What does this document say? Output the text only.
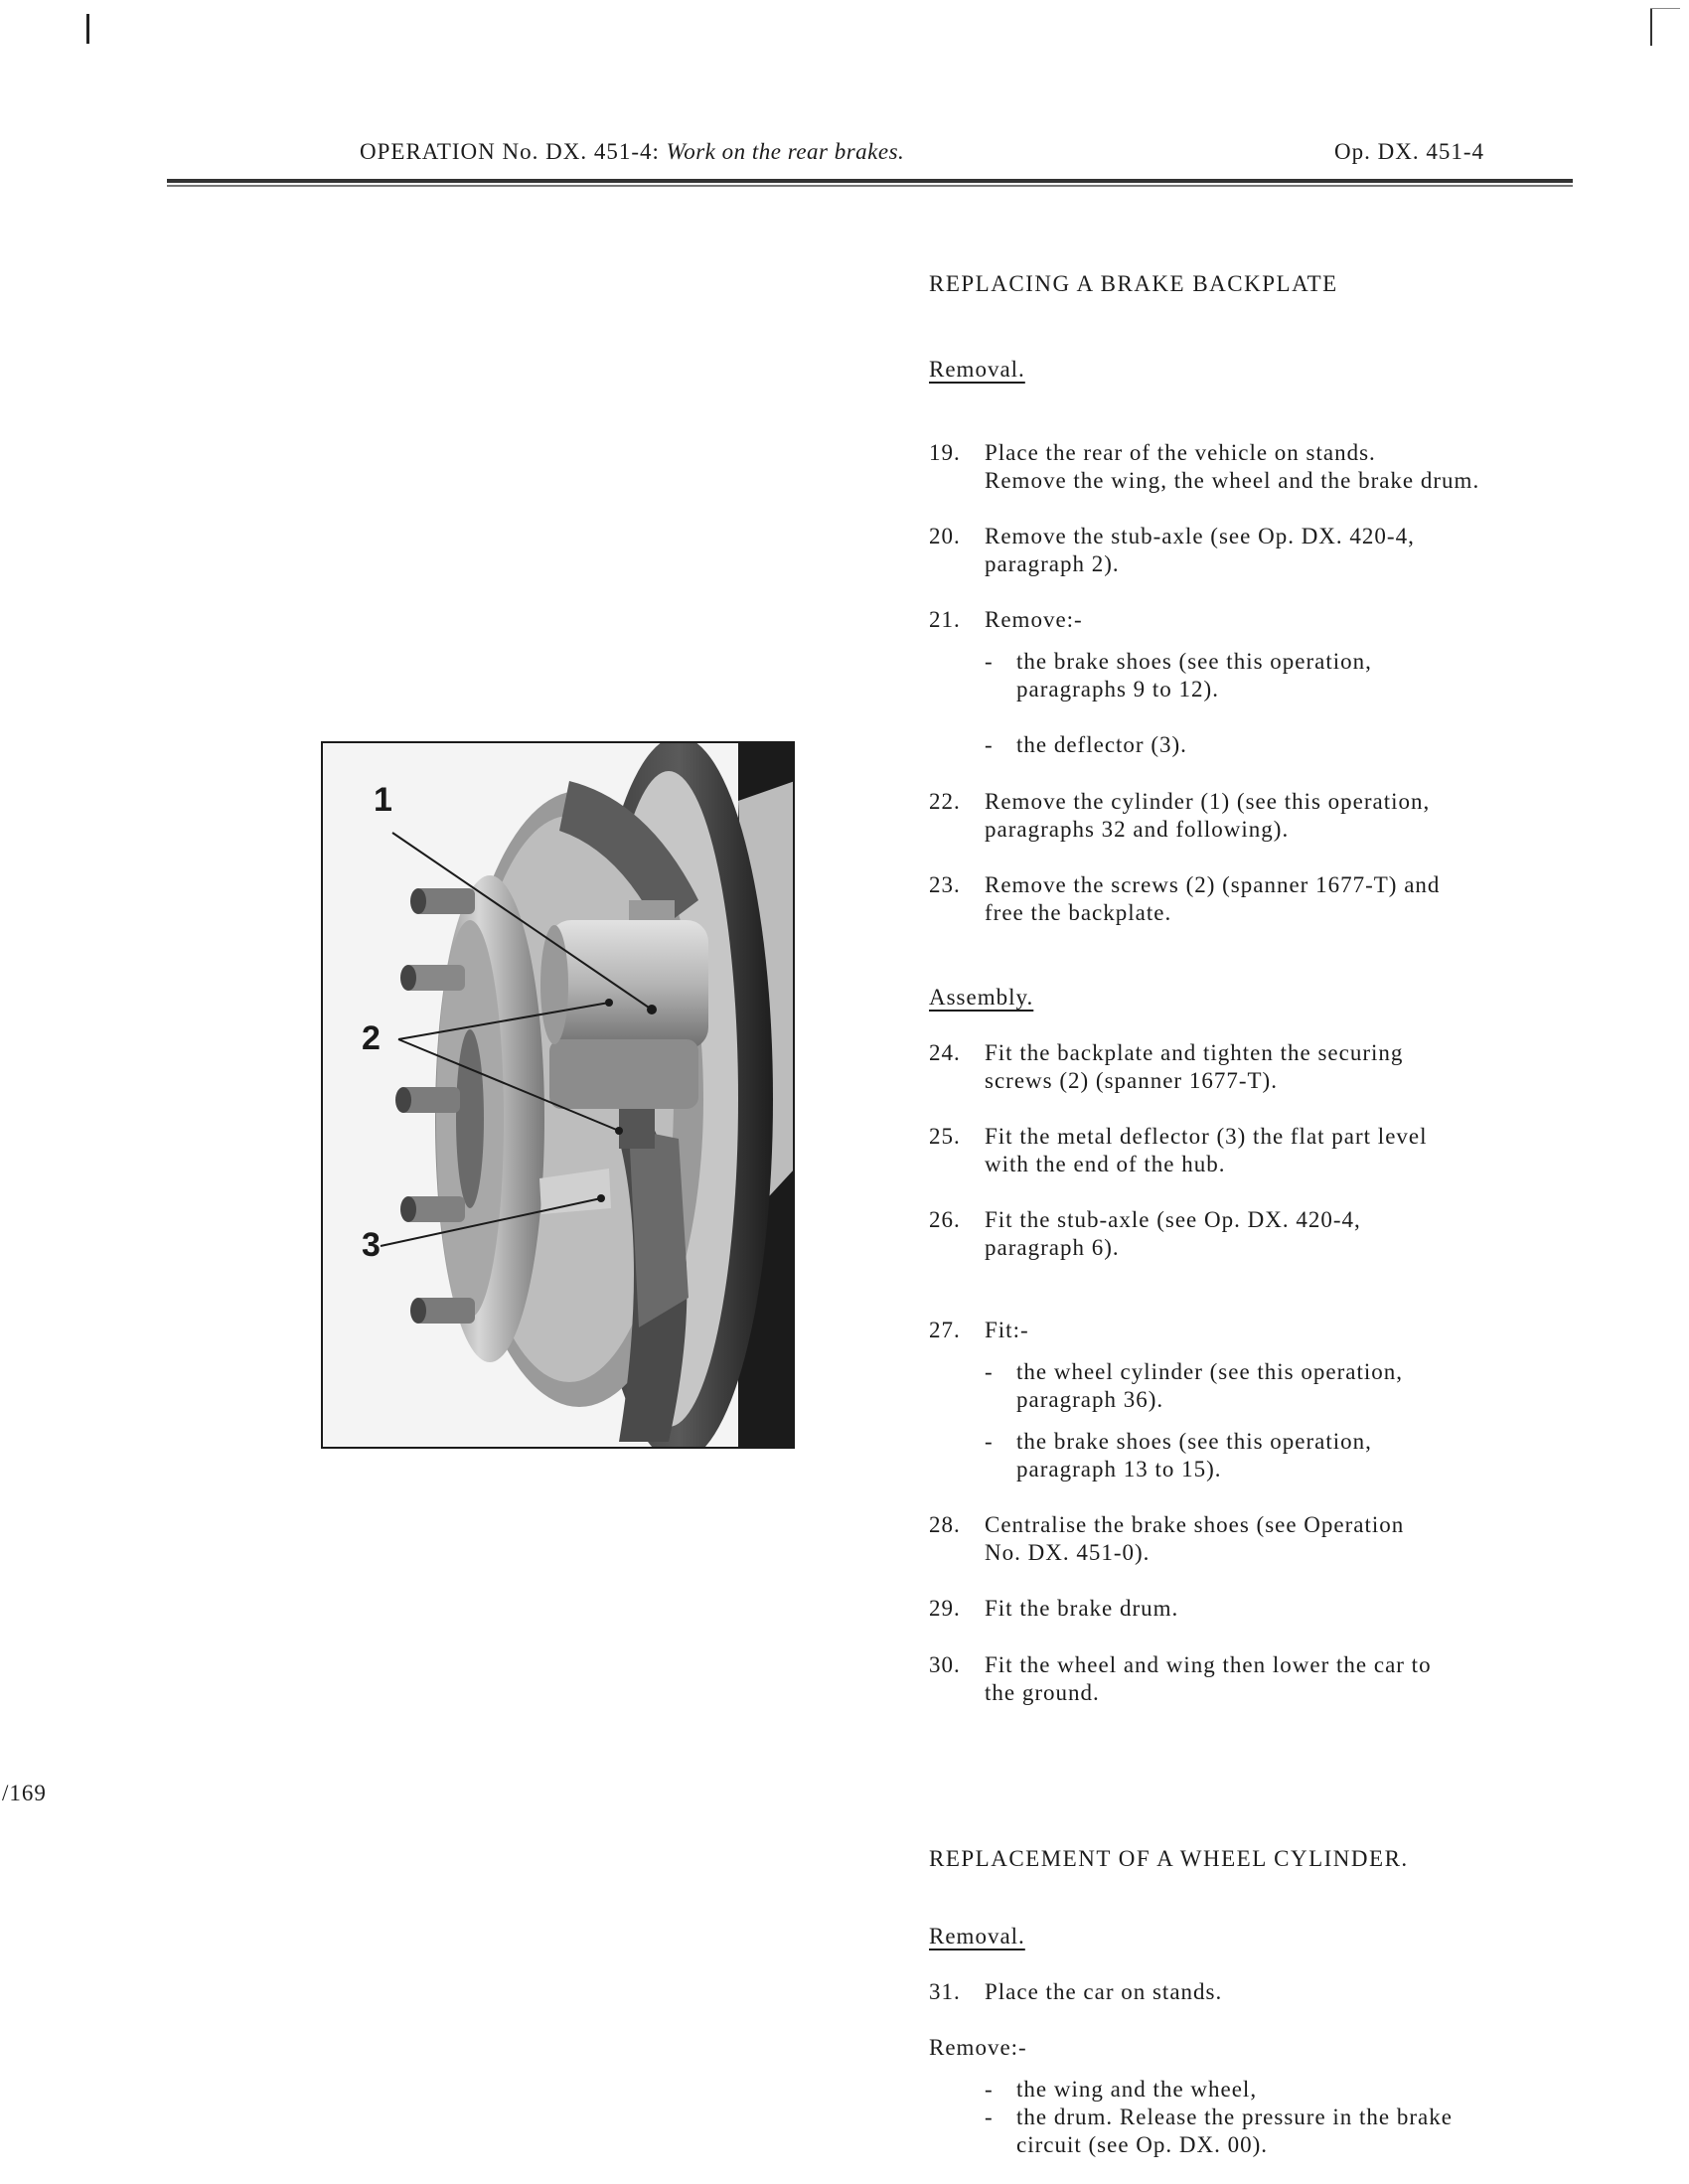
OPERATION No. DX. 451-4: Work on the rear brakes.	Op. DX. 451-4
REPLACING A BRAKE BACKPLATE
Removal.
19. Place the rear of the vehicle on stands.
Remove the wing, the wheel and the brake drum.
20. Remove the stub-axle (see Op. DX. 420-4,
paragraph 2).
21. Remove:-
- the brake shoes (see this operation,
paragraphs 9 to 12).
- the deflector (3).
22. Remove the cylinder (1) (see this operation,
paragraphs 32 and following).
23. Remove the screws (2) (spanner 1677-T) and
free the backplate.
Assembly.
24. Fit the backplate and tighten the securing
screws (2) (spanner 1677-T).
25. Fit the metal deflector (3) the flat part level
with the end of the hub.
26. Fit the stub-axle (see Op. DX. 420-4,
paragraph 6).
27. Fit:-
- the wheel cylinder (see this operation,
paragraph 36).
- the brake shoes (see this operation,
paragraph 13 to 15).
28. Centralise the brake shoes (see Operation
No. DX. 451-0).
29. Fit the brake drum.
30. Fit the wheel and wing then lower the car to
the ground.
/169
REPLACEMENT OF A WHEEL CYLINDER.
Removal.
31. Place the car on stands.
Remove:-
- the wing and the wheel,
- the drum. Release the pressure in the brake
circuit (see Op. DX. 00).
1
2
3
